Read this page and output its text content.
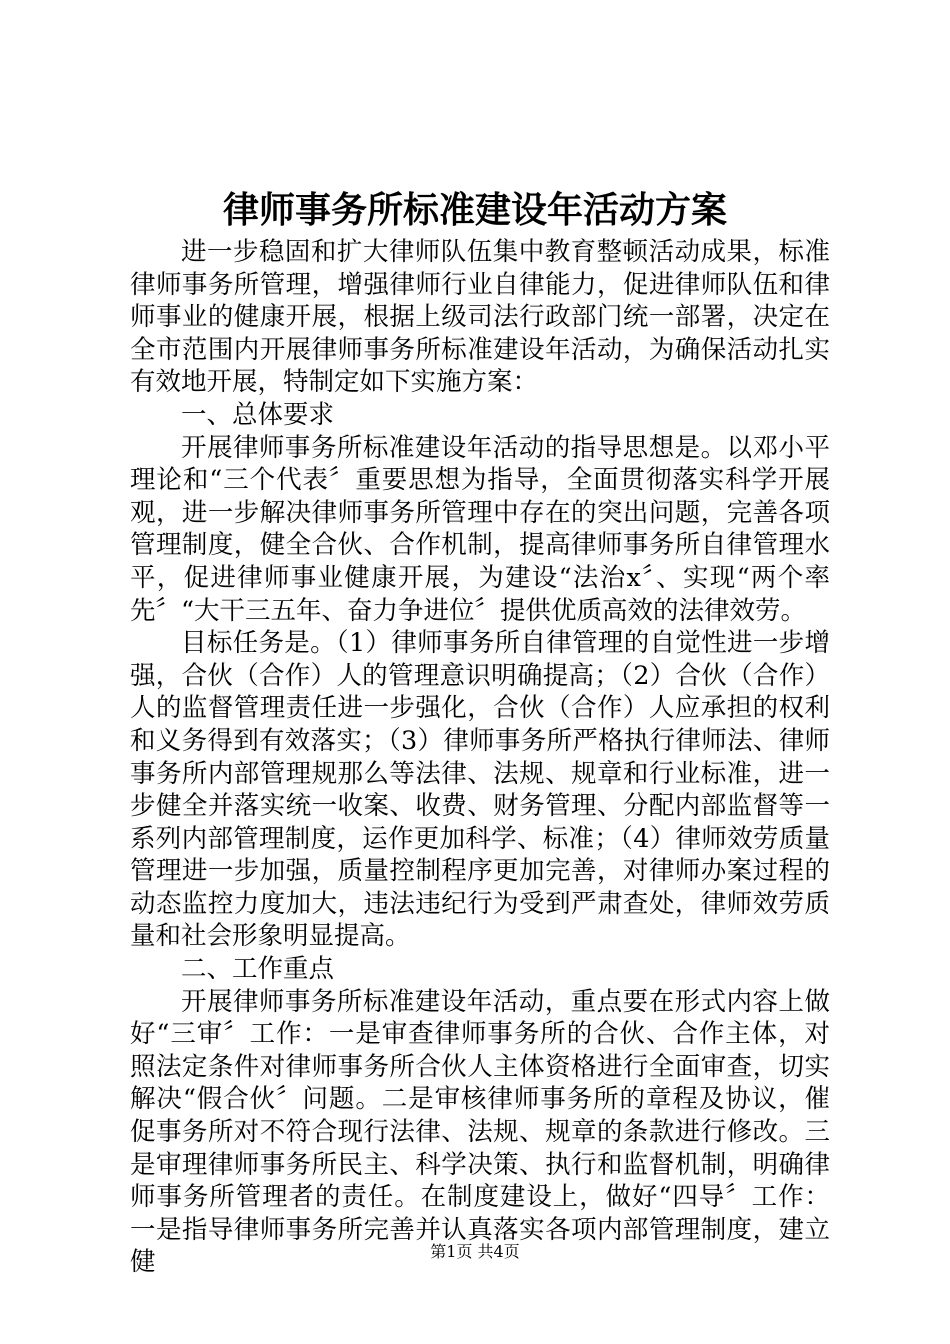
律师事务所标准建设年活动方案

进一步稳固和扩大律师队伍集中教育整顿活动成果，标准律师事务所管理，增强律师行业自律能力，促进律师队伍和律师事业的健康开展，根据上级司法行政部门统一部署，决定在全市范围内开展律师事务所标准建设年活动，为确保活动扎实有效地开展，特制定如下实施方案：

一、总体要求

开展律师事务所标准建设年活动的指导思想是。以邓小平理论和“三个代表〞重要思想为指导，全面贯彻落实科学开展观，进一步解决律师事务所管理中存在的突出问题，完善各项管理制度，健全合伙、合作机制，提高律师事务所自律管理水平，促进律师事业健康开展，为建设“法治x〞、实现“两个率先〞“大干三五年、奋力争进位〞提供优质高效的法律效劳。

目标任务是。（1）律师事务所自律管理的自觉性进一步增强，合伙（合作）人的管理意识明确提高；（2）合伙（合作）人的监督管理责任进一步强化，合伙（合作）人应承担的权利和义务得到有效落实；（3）律师事务所严格执行律师法、律师事务所内部管理规那么等法律、法规、规章和行业标准，进一步健全并落实统一收案、收费、财务管理、分配内部监督等一系列内部管理制度，运作更加科学、标准；（4）律师效劳质量管理进一步加强，质量控制程序更加完善，对律师办案过程的动态监控力度加大，违法违纪行为受到严肃查处，律师效劳质量和社会形象明显提高。

二、工作重点

开展律师事务所标准建设年活动，重点要在形式内容上做好“三审〞工作：一是审查律师事务所的合伙、合作主体，对照法定条件对律师事务所合伙人主体资格进行全面审查，切实解决“假合伙〞问题。二是审核律师事务所的章程及协议，催促事务所对不符合现行法律、法规、规章的条款进行修改。三是审理律师事务所民主、科学决策、执行和监督机制，明确律师事务所管理者的责任。在制度建设上，做好“四导〞工作：一是指导律师事务所完善并认真落实各项内部管理制度，建立健	第1页 共4页
